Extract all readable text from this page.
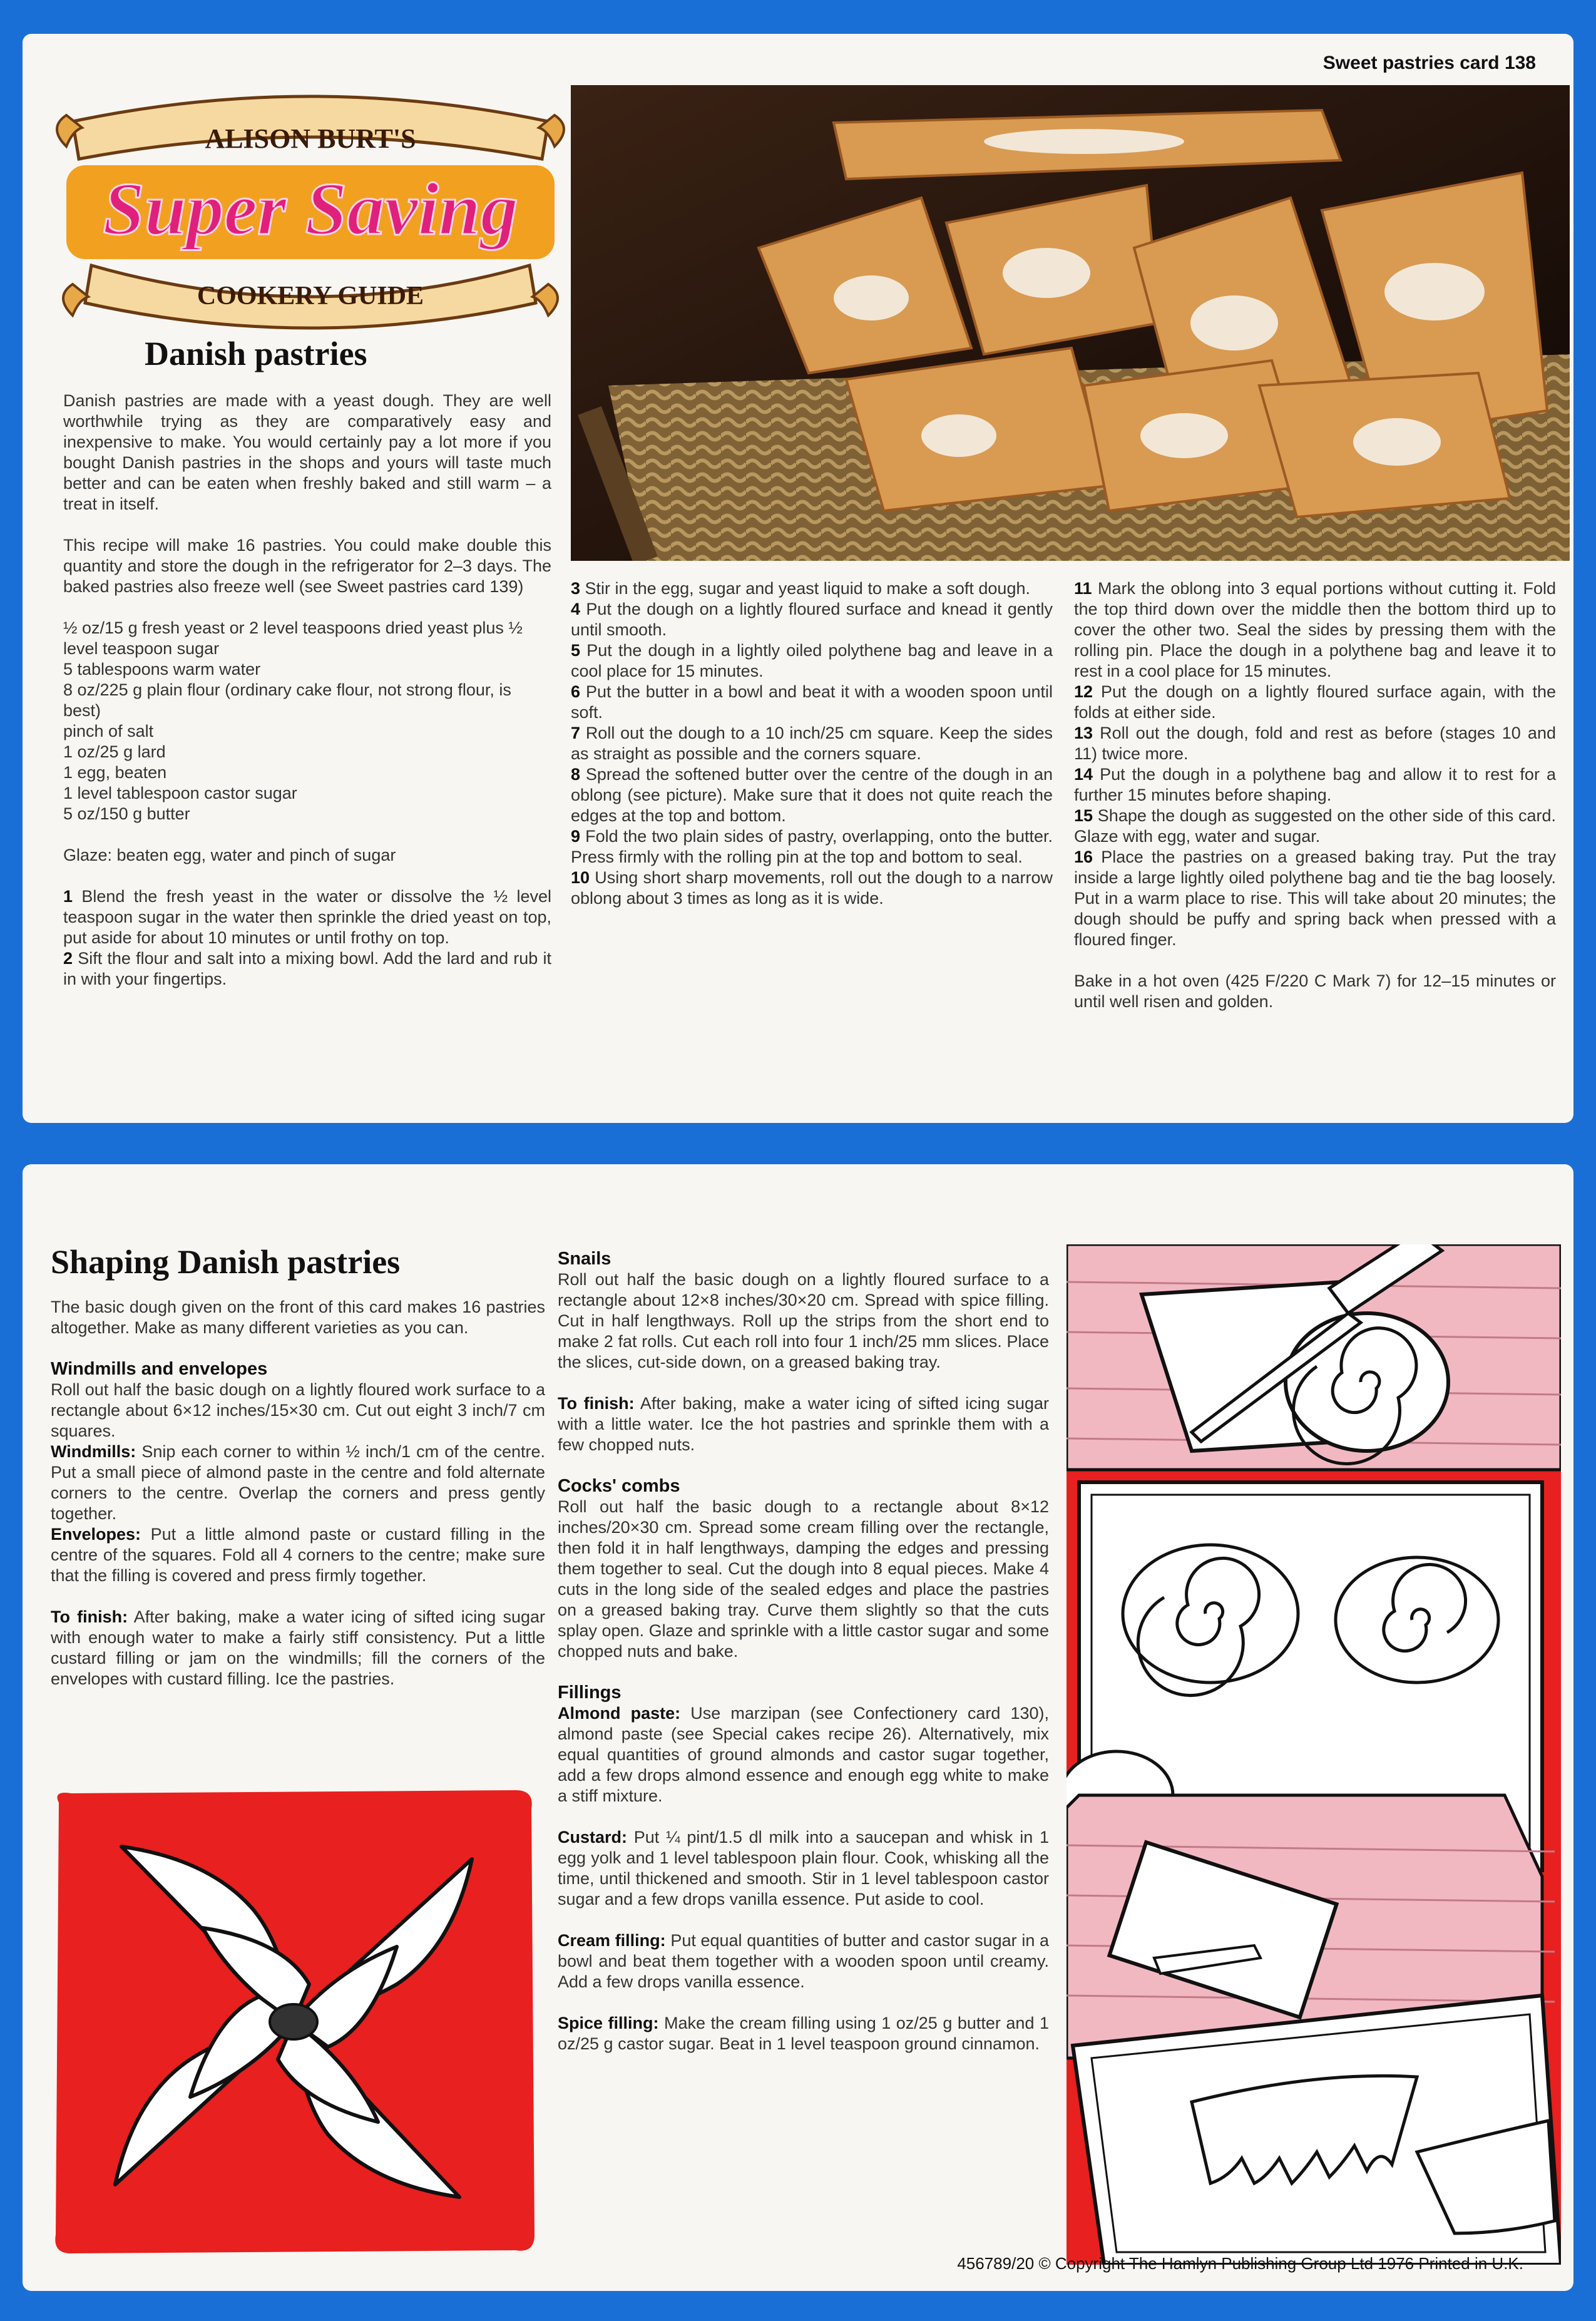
Sweet pastries card 138
ALISON BURT'S
Super Saving
COOKERY GUIDE
Danish pastries

Danish pastries are made with a yeast dough. They are well worthwhile trying as they are comparatively easy and inexpensive to make. You would certainly pay a lot more if you bought Danish pastries in the shops and yours will taste much better and can be eaten when freshly baked and still warm – a treat in itself.

This recipe will make 16 pastries. You could make double this quantity and store the dough in the refrigerator for 2–3 days. The baked pastries also freeze well (see Sweet pastries card 139)

½ oz/15 g fresh yeast or 2 level teaspoons dried yeast plus ½ level teaspoon sugar

5 tablespoons warm water

8 oz/225 g plain flour (ordinary cake flour, not strong flour, is best)

pinch of salt

1 oz/25 g lard

1 egg, beaten

1 level tablespoon castor sugar

5 oz/150 g butter

Glaze: beaten egg, water and pinch of sugar

1 Blend the fresh yeast in the water or dissolve the ½ level teaspoon sugar in the water then sprinkle the dried yeast on top, put aside for about 10 minutes or until frothy on top.

2 Sift the flour and salt into a mixing bowl. Add the lard and rub it in with your fingertips.

3 Stir in the egg, sugar and yeast liquid to make a soft dough.

4 Put the dough on a lightly floured surface and knead it gently until smooth.

5 Put the dough in a lightly oiled polythene bag and leave in a cool place for 15 minutes.

6 Put the butter in a bowl and beat it with a wooden spoon until soft.

7 Roll out the dough to a 10 inch/25 cm square. Keep the sides as straight as possible and the corners square.

8 Spread the softened butter over the centre of the dough in an oblong (see picture). Make sure that it does not quite reach the edges at the top and bottom.

9 Fold the two plain sides of pastry, overlapping, onto the butter. Press firmly with the rolling pin at the top and bottom to seal.

10 Using short sharp movements, roll out the dough to a narrow oblong about 3 times as long as it is wide.

11 Mark the oblong into 3 equal portions without cutting it. Fold the top third down over the middle then the bottom third up to cover the other two. Seal the sides by pressing them with the rolling pin. Place the dough in a polythene bag and leave it to rest in a cool place for 15 minutes.

12 Put the dough on a lightly floured surface again, with the folds at either side.

13 Roll out the dough, fold and rest as before (stages 10 and 11) twice more.

14 Put the dough in a polythene bag and allow it to rest for a further 15 minutes before shaping.

15 Shape the dough as suggested on the other side of this card. Glaze with egg, water and sugar.

16 Place the pastries on a greased baking tray. Put the tray inside a large lightly oiled polythene bag and tie the bag loosely. Put in a warm place to rise. This will take about 20 minutes; the dough should be puffy and spring back when pressed with a floured finger.

Bake in a hot oven (425 F/220 C Mark 7) for 12–15 minutes or until well risen and golden.

Shaping Danish pastries

The basic dough given on the front of this card makes 16 pastries altogether. Make as many different varieties as you can.

Windmills and envelopes

Roll out half the basic dough on a lightly floured work surface to a rectangle about 6×12 inches/15×30 cm. Cut out eight 3 inch/7 cm squares.

Windmills: Snip each corner to within ½ inch/1 cm of the centre. Put a small piece of almond paste in the centre and fold alternate corners to the centre. Overlap the corners and press gently together.

Envelopes: Put a little almond paste or custard filling in the centre of the squares. Fold all 4 corners to the centre; make sure that the filling is covered and press firmly together.

To finish: After baking, make a water icing of sifted icing sugar with enough water to make a fairly stiff consistency. Put a little custard filling or jam on the windmills; fill the corners of the envelopes with custard filling. Ice the pastries.

Snails

Roll out half the basic dough on a lightly floured surface to a rectangle about 12×8 inches/30×20 cm. Spread with spice filling. Cut in half lengthways. Roll up the strips from the short end to make 2 fat rolls. Cut each roll into four 1 inch/25 mm slices. Place the slices, cut-side down, on a greased baking tray.

To finish: After baking, make a water icing of sifted icing sugar with a little water. Ice the hot pastries and sprinkle them with a few chopped nuts.

Cocks' combs

Roll out half the basic dough to a rectangle about 8×12 inches/20×30 cm. Spread some cream filling over the rectangle, then fold it in half lengthways, damping the edges and pressing them together to seal. Cut the dough into 8 equal pieces. Make 4 cuts in the long side of the sealed edges and place the pastries on a greased baking tray. Curve them slightly so that the cuts splay open. Glaze and sprinkle with a little castor sugar and some chopped nuts and bake.

Fillings

Almond paste: Use marzipan (see Confectionery card 130), almond paste (see Special cakes recipe 26). Alternatively, mix equal quantities of ground almonds and castor sugar together, add a few drops almond essence and enough egg white to make a stiff mixture.

Custard: Put ¼ pint/1.5 dl milk into a saucepan and whisk in 1 egg yolk and 1 level tablespoon plain flour. Cook, whisking all the time, until thickened and smooth. Stir in 1 level tablespoon castor sugar and a few drops vanilla essence. Put aside to cool.

Cream filling: Put equal quantities of butter and castor sugar in a bowl and beat them together with a wooden spoon until creamy. Add a few drops vanilla essence.

Spice filling: Make the cream filling using 1 oz/25 g butter and 1 oz/25 g castor sugar. Beat in 1 level teaspoon ground cinnamon.

456789/20 © Copyright The Hamlyn Publishing Group Ltd 1976 Printed in U.K.
